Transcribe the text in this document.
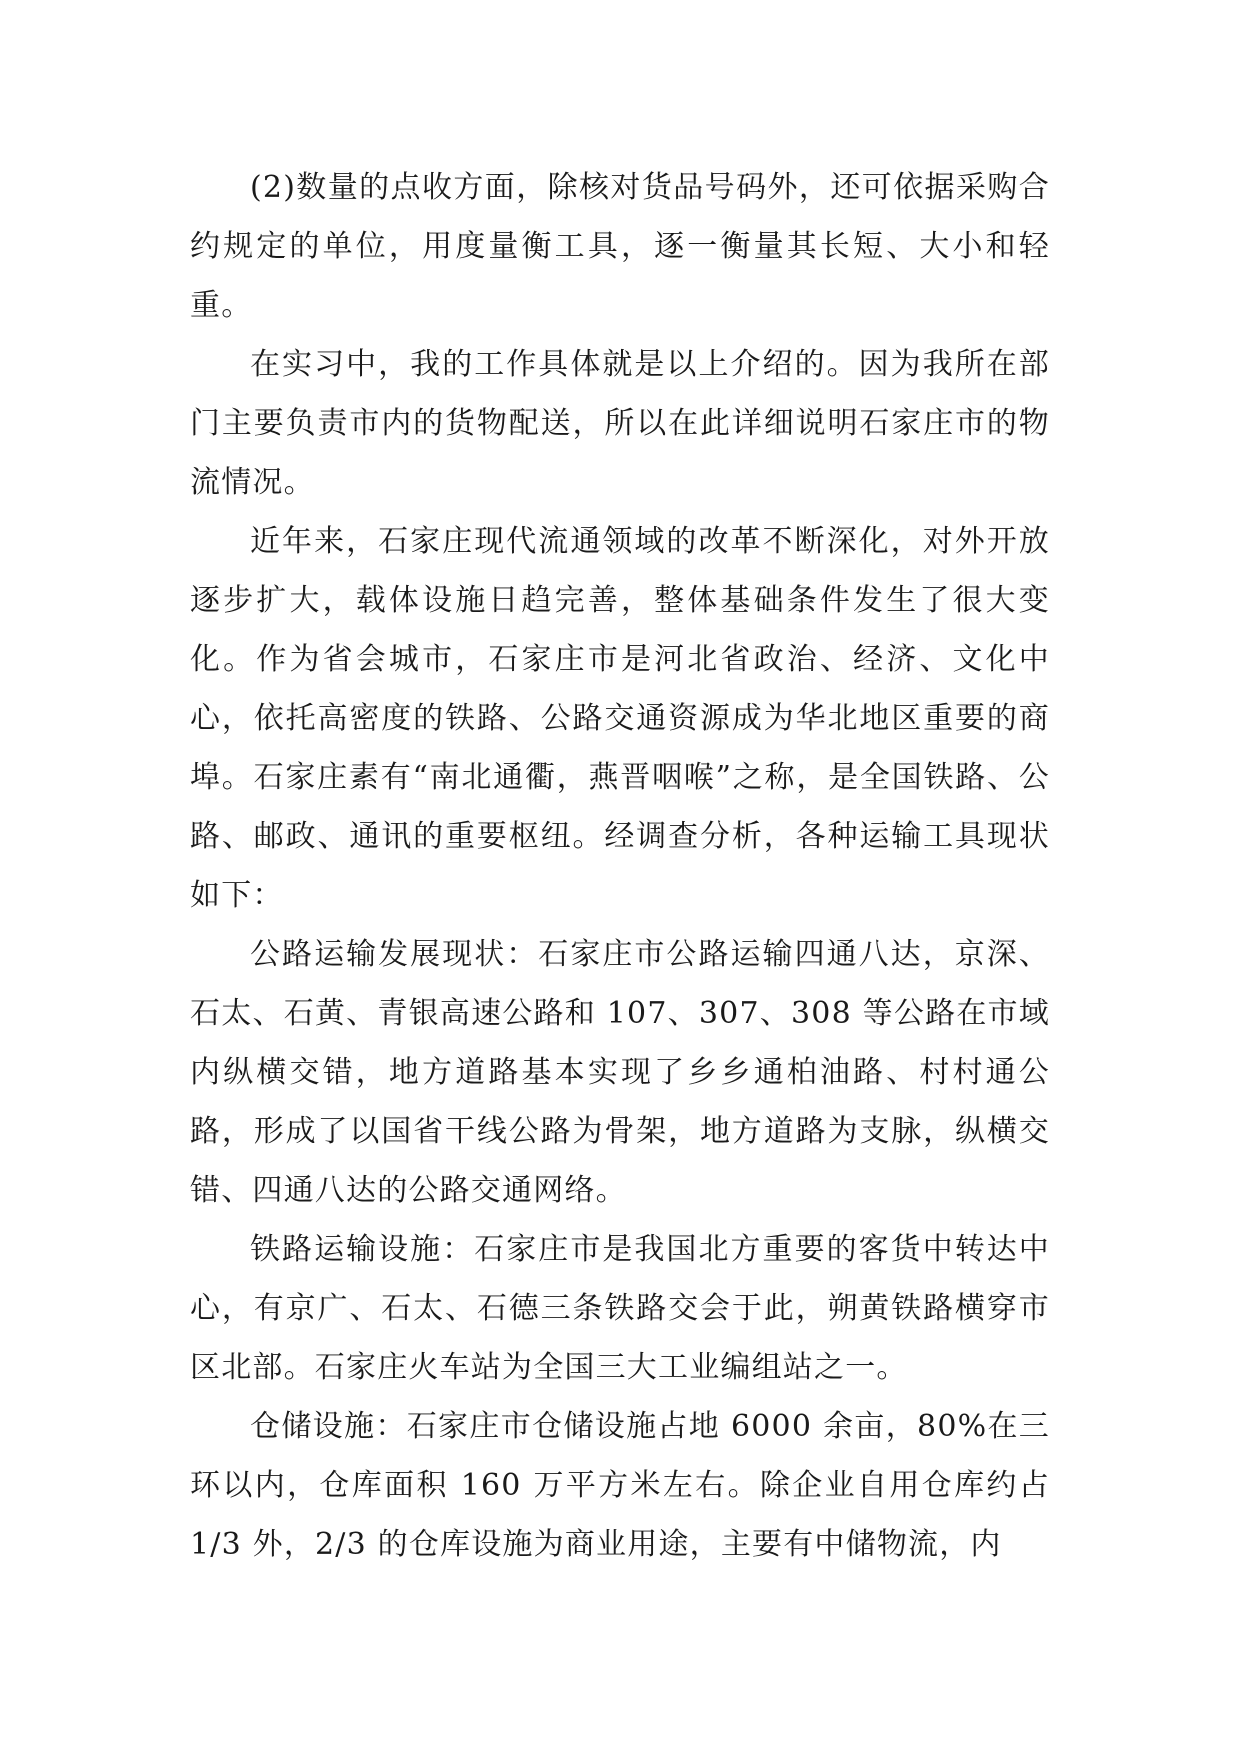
(2)数量的点收方面，除核对货品号码外，还可依据采购合约规定的单位，用度量衡工具，逐一衡量其长短、大小和轻重。

在实习中，我的工作具体就是以上介绍的。因为我所在部门主要负责市内的货物配送，所以在此详细说明石家庄市的物流情况。

近年来，石家庄现代流通领域的改革不断深化，对外开放逐步扩大，载体设施日趋完善，整体基础条件发生了很大变化。作为省会城市，石家庄市是河北省政治、经济、文化中心，依托高密度的铁路、公路交通资源成为华北地区重要的商埠。石家庄素有“南北通衢，燕晋咽喉”之称，是全国铁路、公路、邮政、通讯的重要枢纽。经调查分析，各种运输工具现状如下：

公路运输发展现状：石家庄市公路运输四通八达，京深、石太、石黄、青银高速公路和 107、307、308 等公路在市域内纵横交错，地方道路基本实现了乡乡通柏油路、村村通公路，形成了以国省干线公路为骨架，地方道路为支脉，纵横交错、四通八达的公路交通网络。

铁路运输设施：石家庄市是我国北方重要的客货中转达中心，有京广、石太、石德三条铁路交会于此，朔黄铁路横穿市区北部。石家庄火车站为全国三大工业编组站之一。

仓储设施：石家庄市仓储设施占地 6000 余亩，80%在三环以内，仓库面积 160 万平方米左右。除企业自用仓库约占 1/3 外，2/3 的仓库设施为商业用途，主要有中储物流，内
